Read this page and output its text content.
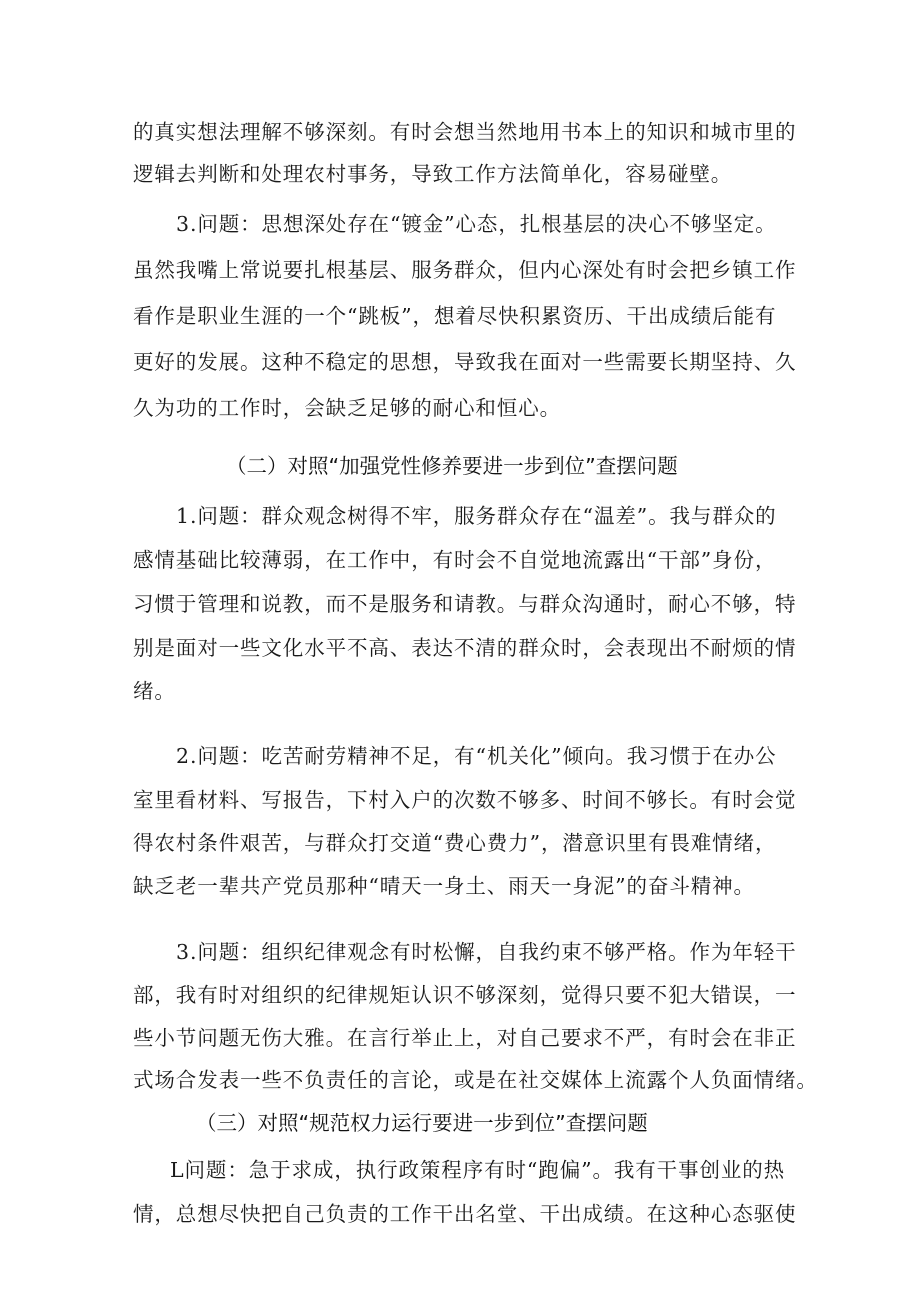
的真实想法理解不够深刻。有时会想当然地用书本上的知识和城市里的
逻辑去判断和处理农村事务，导致工作方法简单化，容易碰壁。
3.问题：思想深处存在“镀金”心态，扎根基层的决心不够坚定。
虽然我嘴上常说要扎根基层、服务群众，但内心深处有时会把乡镇工作
看作是职业生涯的一个“跳板”，想着尽快积累资历、干出成绩后能有
更好的发展。这种不稳定的思想，导致我在面对一些需要长期坚持、久
久为功的工作时，会缺乏足够的耐心和恒心。
（二）对照“加强党性修养要进一步到位”查摆问题
1.问题：群众观念树得不牢，服务群众存在“温差”。我与群众的
感情基础比较薄弱，在工作中，有时会不自觉地流露出“干部”身份，
习惯于管理和说教，而不是服务和请教。与群众沟通时，耐心不够，特
别是面对一些文化水平不高、表达不清的群众时，会表现出不耐烦的情
绪。
2.问题：吃苦耐劳精神不足，有“机关化”倾向。我习惯于在办公
室里看材料、写报告，下村入户的次数不够多、时间不够长。有时会觉
得农村条件艰苦，与群众打交道“费心费力”，潜意识里有畏难情绪，
缺乏老一辈共产党员那种“晴天一身土、雨天一身泥”的奋斗精神。
3.问题：组织纪律观念有时松懈，自我约束不够严格。作为年轻干
部，我有时对组织的纪律规矩认识不够深刻，觉得只要不犯大错误，一
些小节问题无伤大雅。在言行举止上，对自己要求不严，有时会在非正
式场合发表一些不负责任的言论，或是在社交媒体上流露个人负面情绪。
（三）对照“规范权力运行要进一步到位”查摆问题
L问题：急于求成，执行政策程序有时“跑偏”。我有干事创业的热
情，总想尽快把自己负责的工作干出名堂、干出成绩。在这种心态驱使
